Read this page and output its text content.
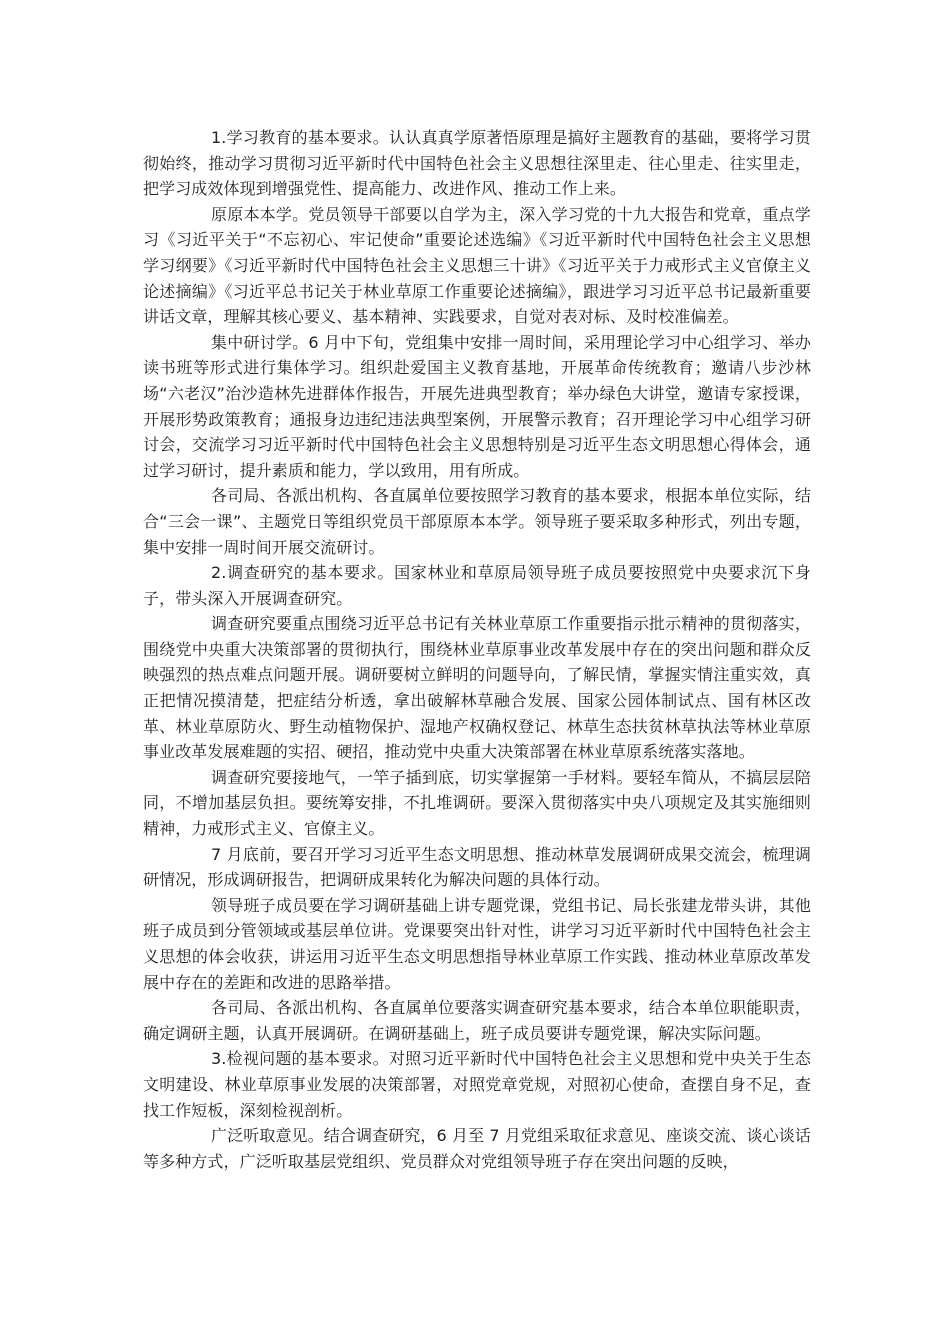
1.学习教育的基本要求。认认真真学原著悟原理是搞好主题教育的基础，要将学习贯彻始终，推动学习贯彻习近平新时代中国特色社会主义思想往深里走、往心里走、往实里走，把学习成效体现到增强党性、提高能力、改进作风、推动工作上来。

原原本本学。党员领导干部要以自学为主，深入学习党的十九大报告和党章，重点学习《习近平关于“不忘初心、牢记使命”重要论述选编》《习近平新时代中国特色社会主义思想学习纲要》《习近平新时代中国特色社会主义思想三十讲》《习近平关于力戒形式主义官僚主义论述摘编》《习近平总书记关于林业草原工作重要论述摘编》，跟进学习习近平总书记最新重要讲话文章，理解其核心要义、基本精神、实践要求，自觉对表对标、及时校准偏差。

集中研讨学。6 月中下旬，党组集中安排一周时间，采用理论学习中心组学习、举办读书班等形式进行集体学习。组织赴爱国主义教育基地，开展革命传统教育；邀请八步沙林场“六老汉”治沙造林先进群体作报告，开展先进典型教育；举办绿色大讲堂，邀请专家授课，开展形势政策教育；通报身边违纪违法典型案例，开展警示教育；召开理论学习中心组学习研讨会，交流学习习近平新时代中国特色社会主义思想特别是习近平生态文明思想心得体会，通过学习研讨，提升素质和能力，学以致用，用有所成。

各司局、各派出机构、各直属单位要按照学习教育的基本要求，根据本单位实际，结合“三会一课”、主题党日等组织党员干部原原本本学。领导班子要采取多种形式，列出专题，集中安排一周时间开展交流研讨。

2.调查研究的基本要求。国家林业和草原局领导班子成员要按照党中央要求沉下身子，带头深入开展调查研究。

调查研究要重点围绕习近平总书记有关林业草原工作重要指示批示精神的贯彻落实，围绕党中央重大决策部署的贯彻执行，围绕林业草原事业改革发展中存在的突出问题和群众反映强烈的热点难点问题开展。调研要树立鲜明的问题导向，了解民情，掌握实情注重实效，真正把情况摸清楚，把症结分析透，拿出破解林草融合发展、国家公园体制试点、国有林区改革、林业草原防火、野生动植物保护、湿地产权确权登记、林草生态扶贫林草执法等林业草原事业改革发展难题的实招、硬招，推动党中央重大决策部署在林业草原系统落实落地。

调查研究要接地气，一竿子插到底，切实掌握第一手材料。要轻车简从，不搞层层陪同，不增加基层负担。要统筹安排，不扎堆调研。要深入贯彻落实中央八项规定及其实施细则精神，力戒形式主义、官僚主义。

7 月底前，要召开学习习近平生态文明思想、推动林草发展调研成果交流会，梳理调研情况，形成调研报告，把调研成果转化为解决问题的具体行动。

领导班子成员要在学习调研基础上讲专题党课，党组书记、局长张建龙带头讲，其他班子成员到分管领域或基层单位讲。党课要突出针对性，讲学习习近平新时代中国特色社会主义思想的体会收获，讲运用习近平生态文明思想指导林业草原工作实践、推动林业草原改革发展中存在的差距和改进的思路举措。

各司局、各派出机构、各直属单位要落实调查研究基本要求，结合本单位职能职责，确定调研主题，认真开展调研。在调研基础上，班子成员要讲专题党课，解决实际问题。

3.检视问题的基本要求。对照习近平新时代中国特色社会主义思想和党中央关于生态文明建设、林业草原事业发展的决策部署，对照党章党规，对照初心使命，查摆自身不足，查找工作短板，深刻检视剖析。

广泛听取意见。结合调查研究，6 月至 7 月党组采取征求意见、座谈交流、谈心谈话等多种方式，广泛听取基层党组织、党员群众对党组领导班子存在突出问题的反映，
